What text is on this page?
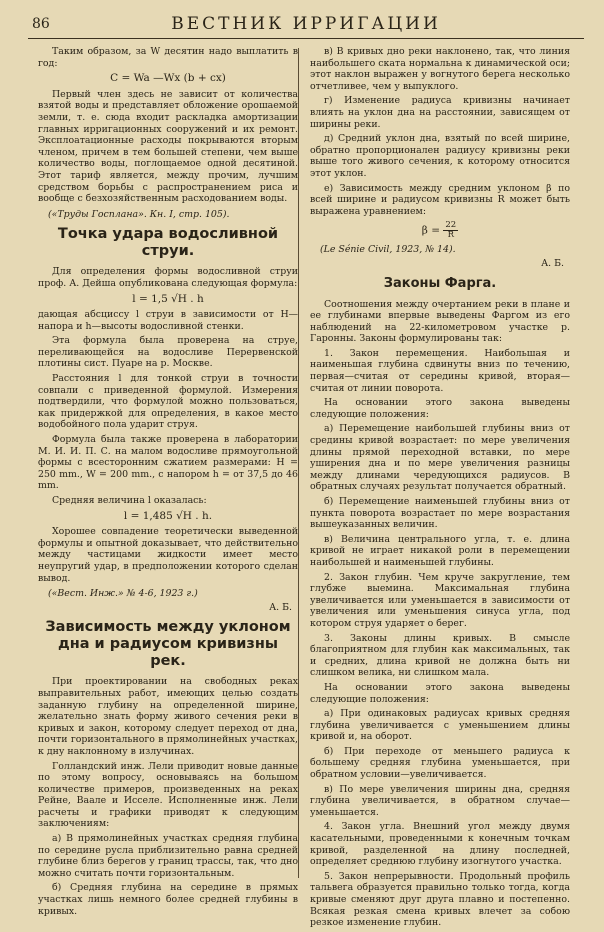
86	ВЕСТНИК ИРРИГАЦИИ

Таким образом, за W десятин надо выплатить в год:

C = Wa —Wx (b + cx)

Первый член здесь не зависит от количества взятой воды и представляет обложение орошаемой земли, т. е. сюда входит раскладка амортизации главных ирригационных сооружений и их ремонт. Эксплоатационные расходы покрываются вторым членом, причем в тем большей степени, чем выше количество воды, поглощаемое одной десятиной. Этот тариф является, между прочим, лучшим средством борьбы с распространением риса и вообще с безхозяйственным расходованием воды.

(«Труды Госплана». Кн. I, стр. 105).
Точка удара водосливной струи.

Для определения формы водосливной струи проф. А. Дейша опубликована следующая формула:

l = 1,5 √H . h

дающая абсциссу l струи в зависимости от H—напора и h—высоты водосливной стенки.

Эта формула была проверена на струе, переливающейся на водосливе Перервенской плотины сист. Пуаре на р. Москве.

Расстояния l для тонкой струи в точности совпали с приведенной формулой. Измерения подтвердили, что формулой можно пользоваться, как придержкой для определения, в какое место водобойного пола ударит струя.

Формула была также проверена в лаборатории М. И. И. П. С. на малом водосливе прямоугольной формы с всесторонним сжатием размерами: H = 250 mm., W = 200 mm., с напором h = от 37,5 до 46 mm.

Средняя величина l оказалась:

l = 1,485 √H . h.

Хорошее совпадение теоретически выведенной формулы и опытной доказывает, что действительно между частицами жидкости имеет место неупругий удар, в предположении которого сделан вывод.

(«Вест. Инж.» № 4-6, 1923 г.)
А. Б.
Зависимость между уклоном дна и радиусом кривизны рек.

При проектировании на свободных реках выправительных работ, имеющих целью создать заданную глубину на определенной ширине, желательно знать форму живого сечения реки в кривых и закон, которому следует переход от дна, почти горизонтального в прямолинейных участках, к дну наклонному в излучинах.

Голландский инж. Лели приводит новые данные по этому вопросу, основываясь на большом количестве примеров, произведенных на реках Рейне, Ваале и Исселе. Исполненные инж. Лели расчеты и графики приводят к следующим заключениям:

а) В прямолинейных участках средняя глубина по середине русла приблизительно равна средней глубине близ берегов у границ трассы, так, что дно можно считать почти горизонтальным.

б) Средняя глубина на середине в прямых участках лишь немного более средней глубины в кривых.

в) В кривых дно реки наклонено, так, что линия наибольшего ската нормальна к динамической оси; этот наклон выражен у вогнутого берега несколько отчетливее, чем у выпуклого.

г) Изменение радиуса кривизны начинает влиять на уклон дна на расстоянии, зависящем от ширины реки.

д) Средний уклон дна, взятый по всей ширине, обратно пропорционален радиусу кривизны реки выше того живого сечения, к которому относится этот уклон.

е) Зависимость между средним уклоном β по всей ширине и радиусом кривизны R может быть выражена уравнением:

$\beta = \frac{22}{R}$
(Le Sénie Civil, 1923, № 14).
А. Б.
Законы Фарга.

Соотношения между очертанием реки в плане и ее глубинами впервые выведены Фаргом из его наблюдений на 22-километровом участке р. Гаронны. Законы формулированы так:

1. Закон перемещения. Наибольшая и наименьшая глубина сдвинуты вниз по течению, первая—считая от середины кривой, вторая—считая от линии поворота.

На основании этого закона выведены следующие положения:

а) Перемещение наибольшей глубины вниз от средины кривой возрастает: по мере увеличения длины прямой переходной вставки, по мере уширения дна и по мере увеличения разницы между длинами чередующихся радиусов. В обратных случаях результат получается обратный.

б) Перемещение наименьшей глубины вниз от пункта поворота возрастает по мере возрастания вышеуказанных величин.

в) Величина центрального угла, т. е. длина кривой не играет никакой роли в перемещении наибольшей и наименьшей глубины.

2. Закон глубин. Чем круче закругление, тем глубже выемина. Максимальная глубина увеличивается или уменьшается в зависимости от увеличения или уменьшения синуса угла, под котором струя ударяет о берег.

3. Законы длины кривых. В смысле благоприятном для глубин как максимальных, так и средних, длина кривой не должна быть ни слишком велика, ни слишком мала.

На основании этого закона выведены следующие положения:

а) При одинаковых радиусах кривых средняя глубина увеличивается с уменьшением длины кривой и, на оборот.

б) При переходе от меньшего радиуса к большему средняя глубина уменьшается, при обратном условии—увеличивается.

в) По мере увеличения ширины дна, средняя глубина увеличивается, в обратном случае—уменьшается.

4. Закон угла. Внешний угол между двумя касательными, проведенными к конечным точкам кривой, разделенной на длину последней, определяет среднюю глубину изогнутого участка.

5. Закон непрерывности. Продольный профиль тальвега образуется правильно только тогда, когда кривые сменяют друг друга плавно и постепенно. Всякая резкая смена кривых влечет за собою резкое изменение глубин.
